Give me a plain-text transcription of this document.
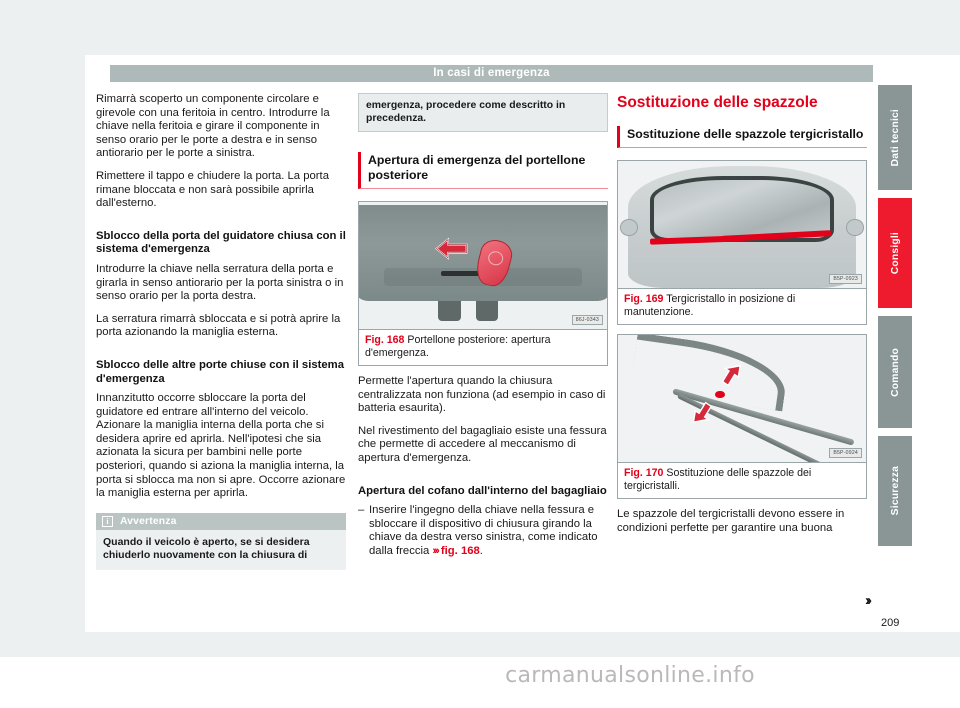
In casi di emergenza

Rimarrà scoperto un componente circolare e girevole con una feritoia in centro. Introdurre la chiave nella feritoia e girare il componente in senso orario per le porte a destra e in senso antiorario per le porte a sinistra.

Rimettere il tappo e chiudere la porta. La porta rimane bloccata e non sarà possibile aprirla dall'esterno.

Sblocco della porta del guidatore chiusa con il sistema d'emergenza

Introdurre la chiave nella serratura della porta e girarla in senso antiorario per la porta sinistra o in senso orario per la porta destra.

La serratura rimarrà sbloccata e si potrà aprire la porta azionando la maniglia esterna.

Sblocco delle altre porte chiuse con il sistema d'emergenza

Innanzitutto occorre sbloccare la porta del guidatore ed entrare all'interno del veicolo. Azionare la maniglia interna della porta che si desidera aprire ed aprirla. Nell'ipotesi che sia azionata la sicura per bambini nelle porte posteriori, quando si aziona la maniglia interna, la porta si sblocca ma non si apre. Occorre azionare la maniglia esterna per aprirla.

i	Avvertenza
Quando il veicolo è aperto, se si desidera chiuderlo nuovamente con la chiusura di
emergenza, procedere come descritto in precedenza.
Apertura di emergenza del portellone posteriore
86J-0343
Fig. 168 Portellone posteriore: apertura d'emergenza.

Permette l'apertura quando la chiusura centralizzata non funziona (ad esempio in caso di batteria esaurita).

Nel rivestimento del bagagliaio esiste una fessura che permette di accedere al meccanismo di apertura d'emergenza.

Apertura del cofano dall'interno del bagagliaio
– Inserire l'ingegno della chiave nella fessura e sbloccare il dispositivo di chiusura girando la chiave da destra verso sinistra, come indicato dalla freccia ››› fig. 168.
Sostituzione delle spazzole
Sostituzione delle spazzole tergicristallo
B5P-0923
Fig. 169 Tergicristallo in posizione di manutenzione.
B5P-0924
Fig. 170 Sostituzione delle spazzole dei tergicristalli.

Le spazzole del tergicristalli devono essere in condizioni perfette per garantire una buona

››
Dati tecnici
Consigli
Comando
Sicurezza
209
carmanualsonline.info
